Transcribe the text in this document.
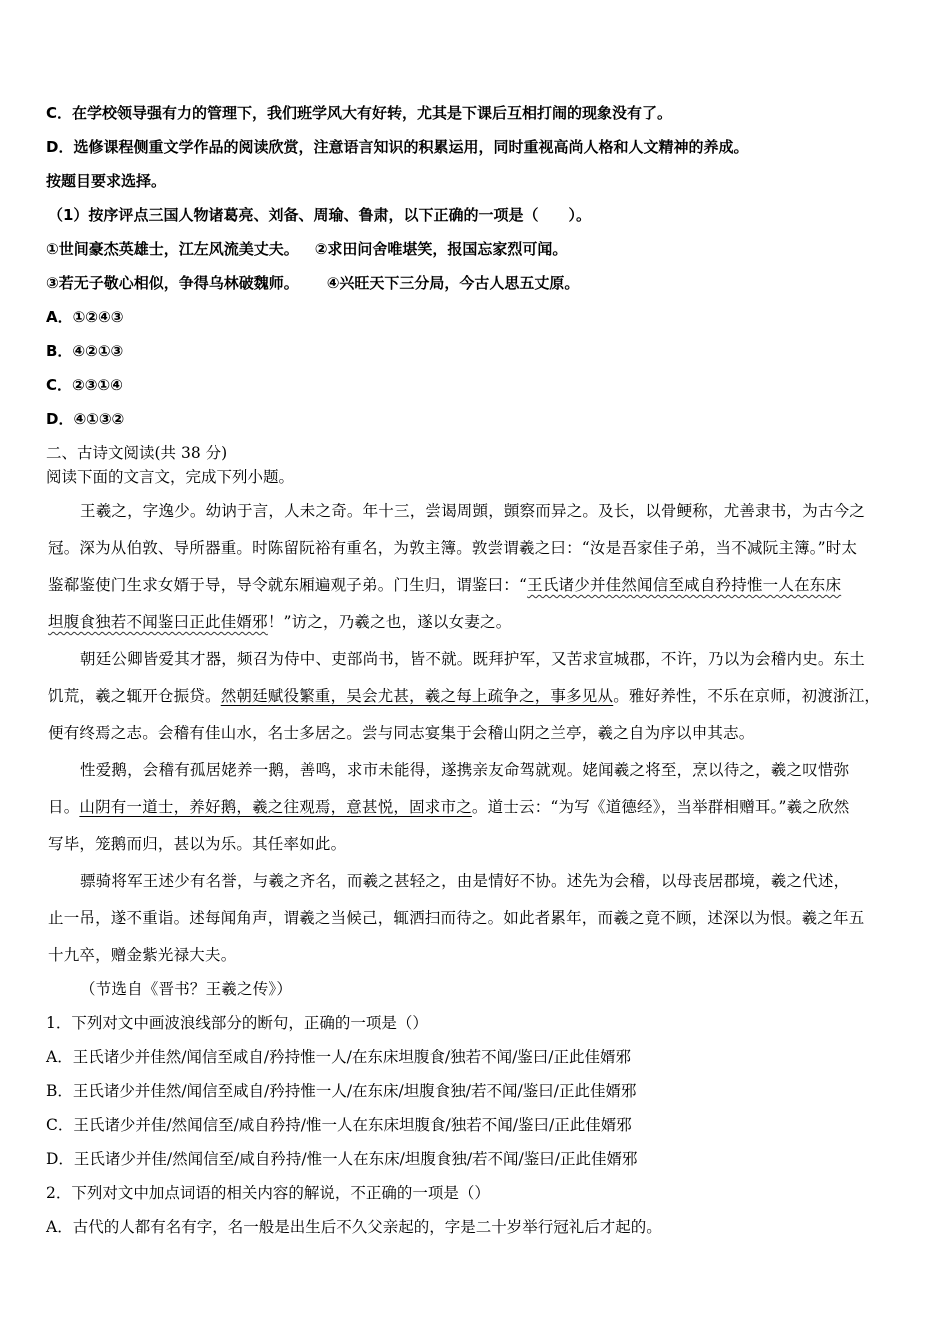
C．在学校领导强有力的管理下，我们班学风大有好转，尤其是下课后互相打闹的现象没有了。
D．选修课程侧重文学作品的阅读欣赏，注意语言知识的积累运用，同时重视高尚人格和人文精神的养成。
按题目要求选择。
（1）按序评点三国人物诸葛亮、刘备、周瑜、鲁肃，以下正确的一项是（　　）。
①世间豪杰英雄士，江左风流美丈夫。 ②求田问舍唯堪笑，报国忘家烈可闻。
③若无子敬心相似，争得乌林破魏师。 ④兴旺天下三分局，今古人思五丈原。
A．①②④③
B．④②①③
C．②③①④
D．④①③②
二、古诗文阅读(共 38 分)
阅读下面的文言文，完成下列小题。
王羲之，字逸少。幼讷于言，人未之奇。年十三，尝谒周顗，顗察而异之。及长，以骨鲠称，尤善隶书，为古今之
冠。深为从伯敦、导所器重。时陈留阮裕有重名，为敦主簿。敦尝谓羲之曰：“汝是吾家佳子弟，当不减阮主簿。”时太
鉴郗鉴使门生求女婿于导，导令就东厢遍观子弟。门生归，谓鉴曰：“王氏诸少并佳然闻信至咸自矜持惟一人在东床
坦腹食独若不闻鉴曰正此佳婿邪！”访之，乃羲之也，遂以女妻之。
朝廷公卿皆爱其才器，频召为侍中、吏部尚书，皆不就。既拜护军，又苦求宣城郡，不许，乃以为会稽内史。东土
饥荒，羲之辄开仓振贷。然朝廷赋役繁重，吴会尤甚，羲之每上疏争之，事多见从。雅好养性，不乐在京师，初渡浙江，
便有终焉之志。会稽有佳山水，名士多居之。尝与同志宴集于会稽山阴之兰亭，羲之自为序以申其志。
性爱鹅，会稽有孤居姥养一鹅，善鸣，求市未能得，遂携亲友命驾就观。姥闻羲之将至，烹以待之，羲之叹惜弥
日。山阴有一道士，养好鹅，羲之往观焉，意甚悦，固求市之。道士云：“为写《道德经》，当举群相赠耳。”羲之欣然
写毕，笼鹅而归，甚以为乐。其任率如此。
骠骑将军王述少有名誉，与羲之齐名，而羲之甚轻之，由是情好不协。述先为会稽，以母丧居郡境，羲之代述，
止一吊，遂不重诣。述每闻角声，谓羲之当候己，辄洒扫而待之。如此者累年，而羲之竟不顾，述深以为恨。羲之年五
十九卒，赠金紫光禄大夫。
（节选自《晋书？王羲之传》）
1．下列对文中画波浪线部分的断句，正确的一项是（）
A．王氏诸少并佳然/闻信至咸自/矜持惟一人/在东床坦腹食/独若不闻/鉴曰/正此佳婿邪
B．王氏诸少并佳然/闻信至咸自/矜持惟一人/在东床/坦腹食独/若不闻/鉴曰/正此佳婿邪
C．王氏诸少并佳/然闻信至/咸自矜持/惟一人在东床坦腹食/独若不闻/鉴曰/正此佳婿邪
D．王氏诸少并佳/然闻信至/咸自矜持/惟一人在东床/坦腹食独/若不闻/鉴曰/正此佳婿邪
2．下列对文中加点词语的相关内容的解说，不正确的一项是（）
A．古代的人都有名有字，名一般是出生后不久父亲起的，字是二十岁举行冠礼后才起的。
